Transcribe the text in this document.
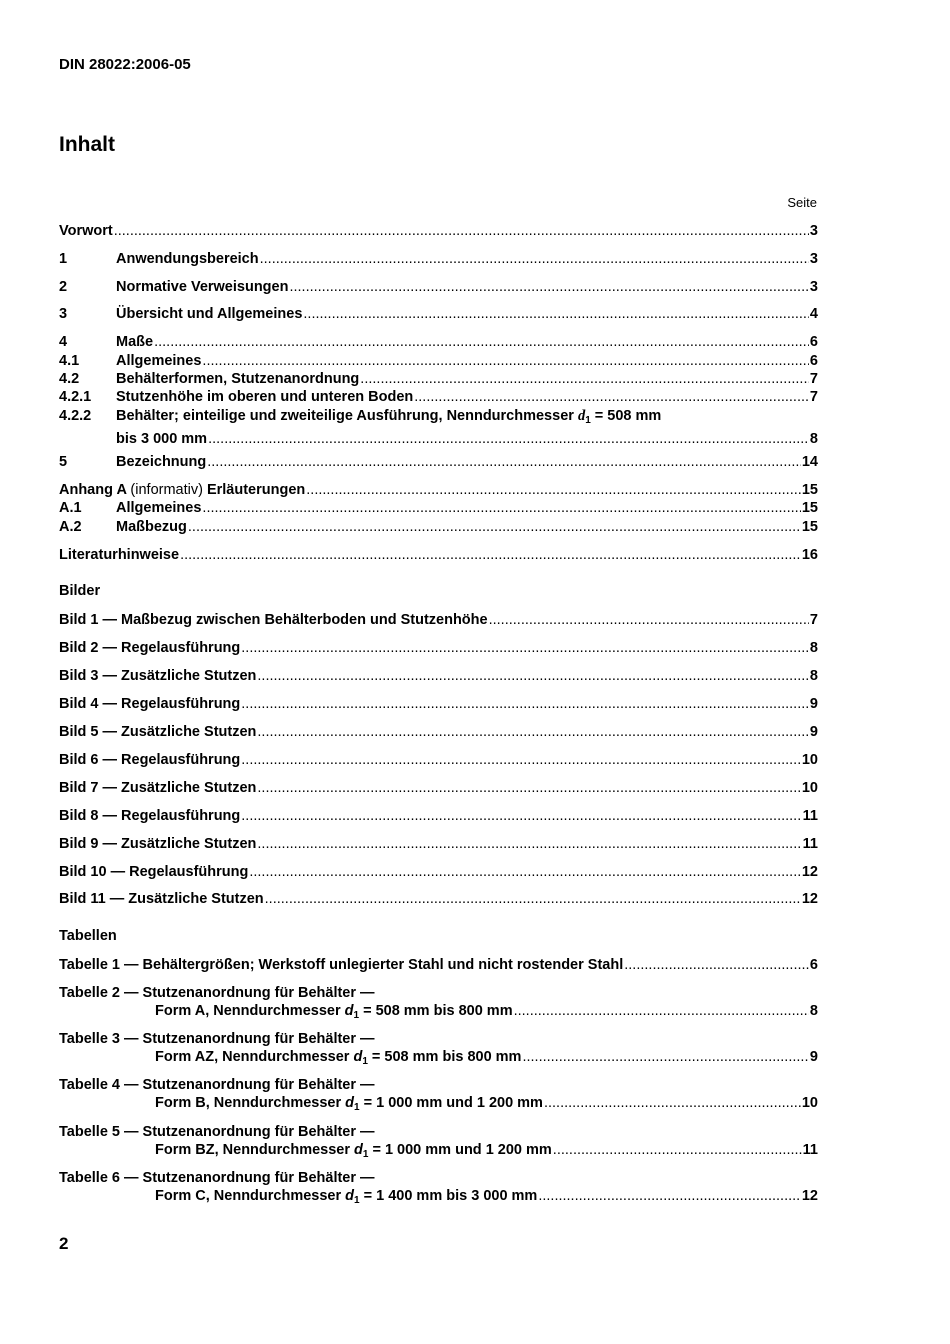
DIN 28022:2006-05
Inhalt
Seite
Vorwort .....	3
1	Anwendungsbereich .....	3
2	Normative Verweisungen .....	3
3	Übersicht und Allgemeines .....	4
4	Maße .....	6
4.1	Allgemeines .....	6
4.2	Behälterformen, Stutzenanordnung .....	7
4.2.1	Stutzenhöhe im oberen und unteren Boden .....	7
4.2.2	Behälter; einteilige und zweiteilige Ausführung, Nenndurchmesser $d_1 = 508$ mm
bis 3 000 mm .....	8
5	Bezeichnung .....	14
Anhang A (informativ) Erläuterungen .....	15
A.1	Allgemeines .....	15
A.2	Maßbezug .....	15
Literaturhinweise .....	16
Bilder
Bild 1 — Maßbezug zwischen Behälterboden und Stutzenhöhe .....	7
Bild 2 — Regelausführung .....	8
Bild 3 — Zusätzliche Stutzen .....	8
Bild 4 — Regelausführung .....	9
Bild 5 — Zusätzliche Stutzen .....	9
Bild 6 — Regelausführung .....	10
Bild 7 — Zusätzliche Stutzen .....	10
Bild 8 — Regelausführung .....	11
Bild 9 — Zusätzliche Stutzen .....	11
Bild 10 — Regelausführung .....	12
Bild 11 — Zusätzliche Stutzen .....	12
Tabellen
Tabelle 1 — Behältergrößen; Werkstoff unlegierter Stahl und nicht rostender Stahl .....	6
Tabelle 2 — Stutzenanordnung für Behälter —
Form A, Nenndurchmesser $d_1 = 508$ mm bis 800 mm .....	8
Tabelle 3 — Stutzenanordnung für Behälter —
Form AZ, Nenndurchmesser $d_1 = 508$ mm bis 800 mm .....	9
Tabelle 4 — Stutzenanordnung für Behälter —
Form B, Nenndurchmesser $d_1 = 1$ 000 mm und 1 200 mm .....	10
Tabelle 5 — Stutzenanordnung für Behälter —
Form BZ, Nenndurchmesser $d_1 = 1$ 000 mm und 1 200 mm .....	11
Tabelle 6 — Stutzenanordnung für Behälter —
Form C, Nenndurchmesser $d_1 = 1$ 400 mm bis 3 000 mm .....	12
2
